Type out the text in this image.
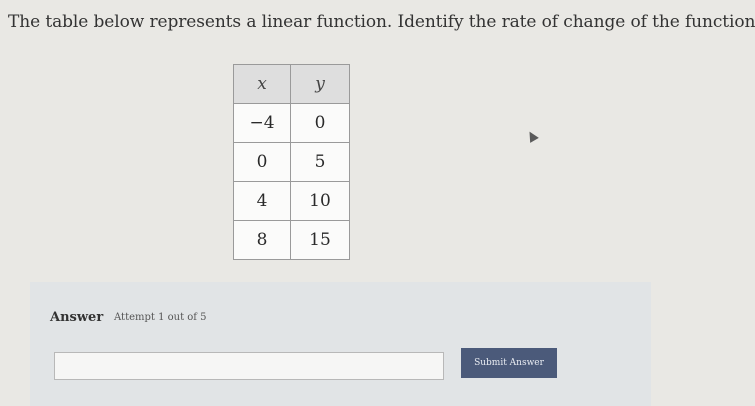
The table below represents a linear function. Identify the rate of change of the function
x	y
−4	0
0	5
4	10
8	15
Answer Attempt 1 out of 5
Submit Answer
